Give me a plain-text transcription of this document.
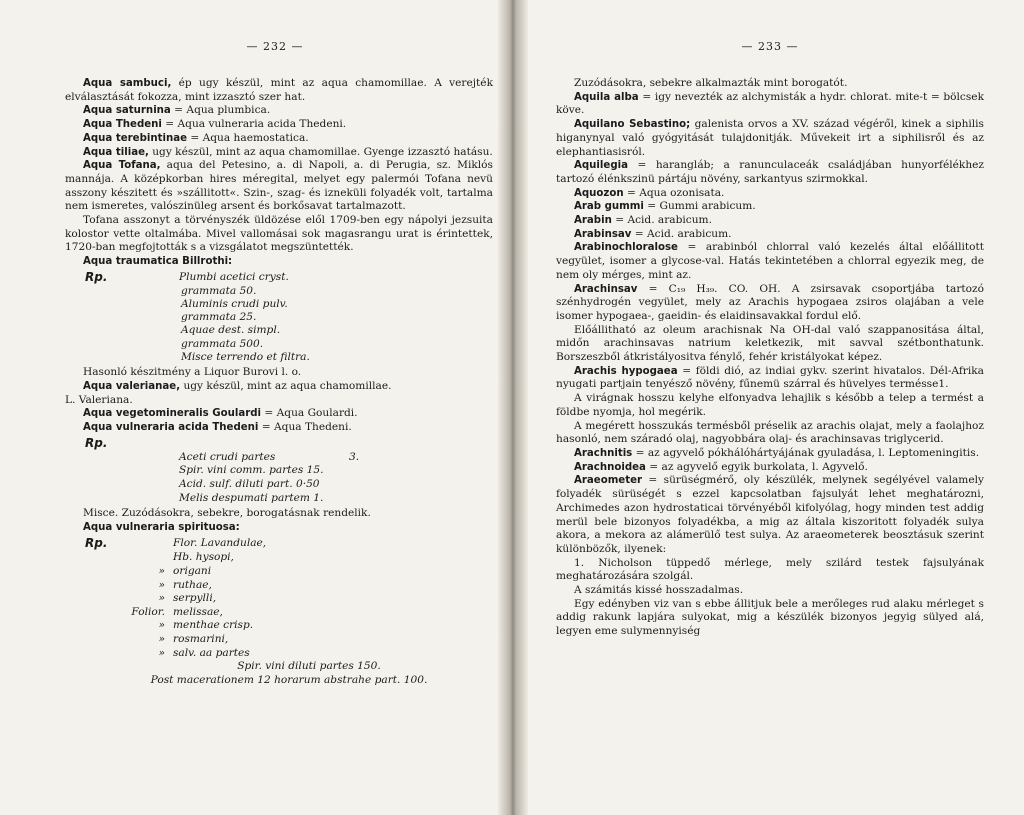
— 232 —

Aqua sambuci, ép ugy készül, mint az aqua chamomillae. A verejték elválasztását fokozza, mint izzasztó szer hat.

Aqua saturnina = Aqua plumbica.

Aqua Thedeni = Aqua vulneraria acida Thedeni.

Aqua terebintinae = Aqua haemostatica.

Aqua tiliae, ugy készül, mint az aqua chamomillae. Gyenge izzasztó hatásu.

Aqua Tofana, aqua del Petesino, a. di Napoli, a. di Perugia, sz. Miklós mannája. A középkorban hires méregital, melyet egy palermói Tofana nevü asszony készitett és »szállitott«. Szin-, szag- és izneküli folyadék volt, tartalma nem ismeretes, valószinüleg arsent és borkősavat tartalmazott.

Tofana asszonyt a törvényszék üldözése elől 1709-ben egy nápolyi jezsuita kolostor vette oltalmába. Mivel vallomásai sok magasrangu urat is érintettek, 1720-ban megfojtották s a vizsgálatot megszüntették.

Aqua traumatica Billrothi:

Rp.	Plumbi acetici cryst.
grammata 50.
Aluminis crudi pulv.
grammata 25.
Aquae dest. simpl.
grammata 500.
Misce terrendo et filtra.

Hasonló készitmény a Liquor Burovi l. o.

Aqua valerianae, ugy készül, mint az aqua chamomillae.

L. Valeriana.

Aqua vegetomineralis Goulardi = Aqua Goulardi.

Aqua vulneraria acida Thedeni = Aqua Thedeni.

Rp.
Aceti crudi partes	3.
Spir. vini comm. partes 15.
Acid. sulf. diluti part. 0·50
Melis despumati partem 1.

Misce. Zuzódásokra, sebekre, borogatásnak rendelik.

Aqua vulneraria spirituosa:

Rp.	Flor. Lavandulae,
Hb. hysopi,
» origani
» ruthae,
» serpylli,
Folior. melissae,
» menthae crisp.
» rosmarini,
» salv. aa partes
Spir. vini diluti partes 150.
Post macerationem 12 horarum abstrahe part. 100.
— 233 —

Zuzódásokra, sebekre alkalmazták mint borogatót.

Aquila alba = igy nevezték az alchymisták a hydr. chlorat. mite-t = bölcsek köve.

Aquilano Sebastino; galenista orvos a XV. század végéről, kinek a siphilis higanynyal való gyógyitását tulajdonitják. Művekeit irt a siphilisről és az elephantiasisról.

Aquilegia = harangláb; a ranunculaceák családjában hunyorfélékhez tartozó élénkszinü pártáju növény, sarkantyus szirmokkal.

Aquozon = Aqua ozonisata.

Arab gummi = Gummi arabicum.

Arabin = Acid. arabicum.

Arabinsav = Acid. arabicum.

Arabinochloralose = arabinból chlorral való kezelés által előállitott vegyület, isomer a glycose-val. Hatás tekintetében a chlorral egyezik meg, de nem oly mérges, mint az.

Arachinsav = C₁₉ H₃₉. CO. OH. A zsirsavak csoportjába tartozó szénhydrogén vegyület, mely az Arachis hypogaea zsiros olajában a vele isomer hypogaea-, gaeidin- és elaidinsavakkal fordul elő.

Előállitható az oleum arachisnak Na OH-dal való szappanositása által, midőn arachinsavas natrium keletkezik, mit savval szétbonthatunk. Borszeszből átkristályositva fénylő, fehér kristályokat képez.

Arachis hypogaea = földi dió, az indiai gykv. szerint hivatalos. Dél-Afrika nyugati partjain tenyésző növény, fűnemü szárral és hüvelyes termésse1.

A virágnak hosszu kelyhe elfonyadva lehajlik s később a telep a termést a földbe nyomja, hol megérik.

A megérett hosszukás termésből préselik az arachis olajat, mely a faolajhoz hasonló, nem száradó olaj, nagyobbára olaj- és arachinsavas triglycerid.

Arachnitis = az agyvelő pókhálóhártyájának gyuladása, l. Leptomeningitis.

Arachnoidea = az agyvelő egyik burkolata, l. Agyvelő.

Araeometer = sürüségmérő, oly készülék, melynek segélyével valamely folyadék sürüségét s ezzel kapcsolatban fajsulyát lehet meghatározni, Archimedes azon hydrostaticai törvényéből kifolyólag, hogy minden test addig merül bele bizonyos folyadékba, a mig az általa kiszoritott folyadék sulya akora, a mekora az alámerülő test sulya. Az araeometerek beosztásuk szerint különbözők, ilyenek:

1. Nicholson tüppedő mérlege, mely szilárd testek fajsulyának meghatározására szolgál.

A számitás kissé hosszadalmas.

Egy edényben viz van s ebbe állitjuk bele a merőleges rud alaku mérleget s addig rakunk lapjára sulyokat, mig a készülék bizonyos jegyig sülyed alá, legyen eme sulymennyiség
